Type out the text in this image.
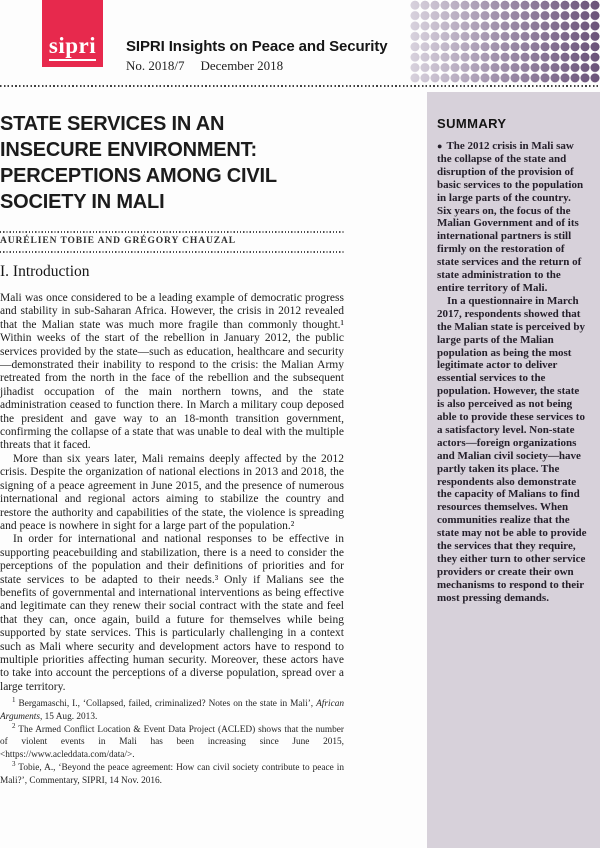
sipri SIPRI Insights on Peace and Security
No. 2018/7 December 2018
STATE SERVICES IN AN
INSECURE ENVIRONMENT:
PERCEPTIONS AMONG CIVIL
SOCIETY IN MALI
AURÉLIEN TOBIE AND GRÉGORY CHAUZAL
I. Introduction

Mali was once considered to be a leading example of democratic progress and stability in sub-Saharan Africa. However, the crisis in 2012 revealed that the Malian state was much more fragile than commonly thought.¹ Within weeks of the start of the rebellion in January 2012, the public services provided by the state—such as education, healthcare and security—demonstrated their inability to respond to the crisis: the Malian Army retreated from the north in the face of the rebellion and the subsequent jihadist occupation of the main northern towns, and the state administration ceased to function there. In March a military coup deposed the president and gave way to an 18-month transition government, confirming the collapse of a state that was unable to deal with the multiple threats that it faced.

More than six years later, Mali remains deeply affected by the 2012 crisis. Despite the organization of national elections in 2013 and 2018, the signing of a peace agreement in June 2015, and the presence of numerous international and regional actors aiming to stabilize the country and restore the authority and capabilities of the state, the violence is spreading and peace is nowhere in sight for a large part of the population.²

In order for international and national responses to be effective in supporting peacebuilding and stabilization, there is a need to consider the perceptions of the population and their definitions of priorities and for state services to be adapted to their needs.³ Only if Malians see the benefits of governmental and international interventions as being effective and legitimate can they renew their social contract with the state and feel that they can, once again, build a future for themselves while being supported by state services. This is particularly challenging in a context such as Mali where security and development actors have to respond to multiple priorities affecting human security. Moreover, these actors have to take into account the perceptions of a diverse population, spread over a large territory.

$^1$ Bergamaschi, I., ‘Collapsed, failed, criminalized? Notes on the state in Mali’, African Arguments, 15 Aug. 2013.

$^2$ The Armed Conflict Location & Event Data Project (ACLED) shows that the number of violent events in Mali has been increasing since June 2015, <https://www.acleddata.com/data/>.

$^3$ Tobie, A., ‘Beyond the peace agreement: How can civil society contribute to peace in Mali?’, Commentary, SIPRI, 14 Nov. 2016.

SUMMARY

● The 2012 crisis in Mali saw the collapse of the state and disruption of the provision of basic services to the population in large parts of the country. Six years on, the focus of the Malian Government and of its international partners is still firmly on the restoration of state services and the return of state administration to the entire territory of Mali.

In a questionnaire in March 2017, respondents showed that the Malian state is perceived by large parts of the Malian population as being the most legitimate actor to deliver essential services to the population. However, the state is also perceived as not being able to provide these services to a satisfactory level. Non-state actors—foreign organizations and Malian civil society—have partly taken its place. The respondents also demonstrate the capacity of Malians to find resources themselves. When communities realize that the state may not be able to provide the services that they require, they either turn to other service providers or create their own mechanisms to respond to their most pressing demands.
